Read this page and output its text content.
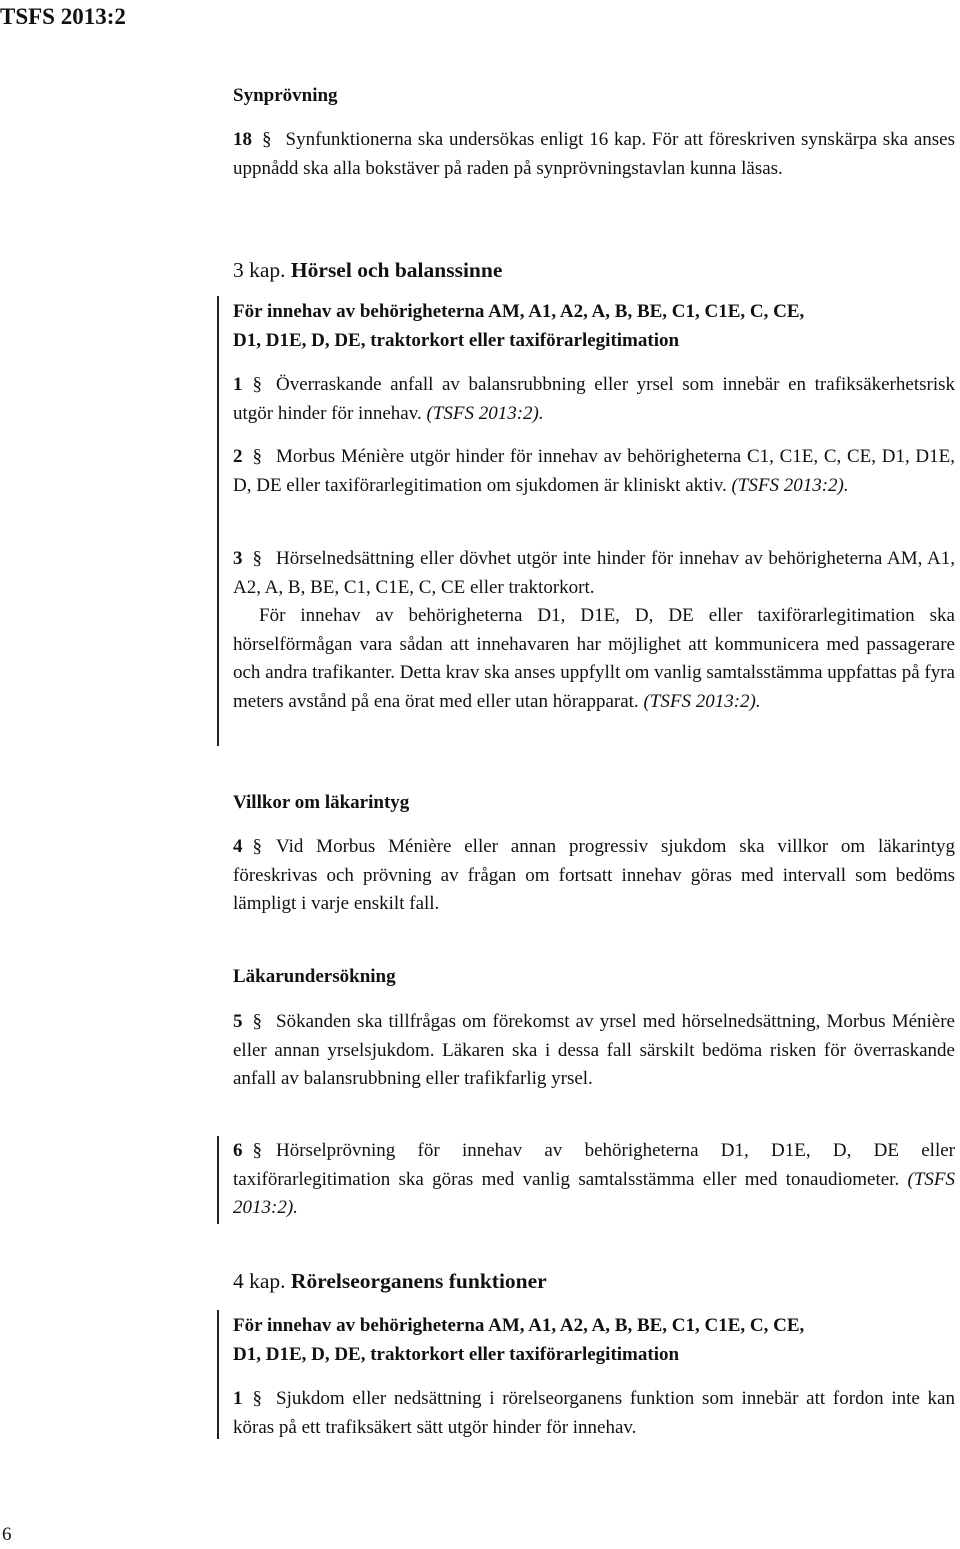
TSFS 2013:2
Synprövning
18 § Synfunktionerna ska undersökas enligt 16 kap. För att föreskriven synskärpa ska anses uppnådd ska alla bokstäver på raden på synprövningstavlan kunna läsas.
3 kap. Hörsel och balanssinne
För innehav av behörigheterna AM, A1, A2, A, B, BE, C1, C1E, C, CE,
D1, D1E, D, DE, traktorkort eller taxiförarlegitimation
1 § Överraskande anfall av balansrubbning eller yrsel som innebär en trafiksäkerhetsrisk utgör hinder för innehav. (TSFS 2013:2).
2 § Morbus Ménière utgör hinder för innehav av behörigheterna C1, C1E, C, CE, D1, D1E, D, DE eller taxiförarlegitimation om sjukdomen är kliniskt aktiv. (TSFS 2013:2).
3 § Hörselnedsättning eller dövhet utgör inte hinder för innehav av behörigheterna AM, A1, A2, A, B, BE, C1, C1E, C, CE eller traktorkort.
För innehav av behörigheterna D1, D1E, D, DE eller taxiförarlegitimation ska hörselförmågan vara sådan att innehavaren har möjlighet att kommunicera med passagerare och andra trafikanter. Detta krav ska anses uppfyllt om vanlig samtalsstämma uppfattas på fyra meters avstånd på ena örat med eller utan hörapparat. (TSFS 2013:2).
Villkor om läkarintyg
4 § Vid Morbus Ménière eller annan progressiv sjukdom ska villkor om läkarintyg föreskrivas och prövning av frågan om fortsatt innehav göras med intervall som bedöms lämpligt i varje enskilt fall.
Läkarundersökning
5 § Sökanden ska tillfrågas om förekomst av yrsel med hörselnedsättning, Morbus Ménière eller annan yrselsjukdom. Läkaren ska i dessa fall särskilt bedöma risken för överraskande anfall av balansrubbning eller trafikfarlig yrsel.
6 § Hörselprövning för innehav av behörigheterna D1, D1E, D, DE eller taxiförarlegitimation ska göras med vanlig samtalsstämma eller med tonaudiometer. (TSFS 2013:2).
4 kap. Rörelseorganens funktioner
För innehav av behörigheterna AM, A1, A2, A, B, BE, C1, C1E, C, CE,
D1, D1E, D, DE, traktorkort eller taxiförarlegitimation
1 § Sjukdom eller nedsättning i rörelseorganens funktion som innebär att fordon inte kan köras på ett trafiksäkert sätt utgör hinder för innehav.
6
